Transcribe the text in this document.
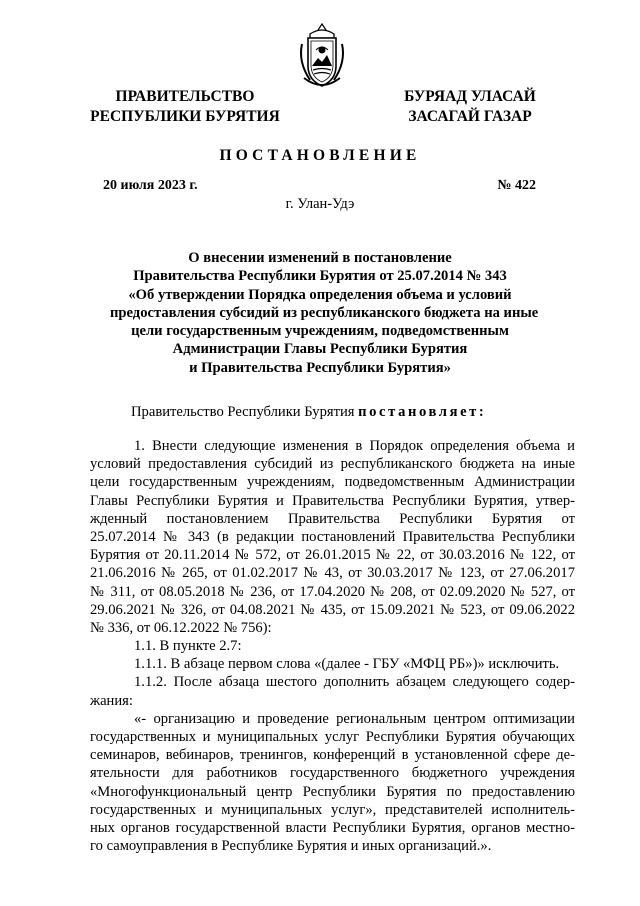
ПРАВИТЕЛЬСТВО
РЕСПУБЛИКИ БУРЯТИЯ
БУРЯАД УЛАСАЙ
ЗАСАГАЙ ГАЗАР
ПОСТАНОВЛЕНИЕ
20 июля 2023 г.	№ 422
г. Улан-Удэ
О внесении изменений в постановление
Правительства Республики Бурятия от 25.07.2014 № 343
«Об утверждении Порядка определения объема и условий
предоставления субсидий из республиканского бюджета на иные
цели государственным учреждениям, подведомственным
Администрации Главы Республики Бурятия
и Правительства Республики Бурятия»
Правительство Республики Бурятия постановляет:
1. Внести следующие изменения в Порядок определения объема и
условий предоставления субсидий из республиканского бюджета на иные
цели государственным учреждениям, подведомственным Администрации
Главы Республики Бурятия и Правительства Республики Бурятия, утвер-
жденный постановлением Правительства Республики Бурятия от
25.07.2014 № 343 (в редакции постановлений Правительства Республики
Бурятия от 20.11.2014 № 572, от 26.01.2015 № 22, от 30.03.2016 № 122, от
21.06.2016 № 265, от 01.02.2017 № 43, от 30.03.2017 № 123, от 27.06.2017
№ 311, от 08.05.2018 № 236, от 17.04.2020 № 208, от 02.09.2020 № 527, от
29.06.2021 № 326, от 04.08.2021 № 435, от 15.09.2021 № 523, от 09.06.2022
№ 336, от 06.12.2022 № 756):
1.1. В пункте 2.7:
1.1.1. В абзаце первом слова «(далее - ГБУ «МФЦ РБ»)» исключить.
1.1.2. После абзаца шестого дополнить абзацем следующего содер-
жания:
«- организацию и проведение региональным центром оптимизации
государственных и муниципальных услуг Республики Бурятия обучающих
семинаров, вебинаров, тренингов, конференций в установленной сфере де-
ятельности для работников государственного бюджетного учреждения
«Многофункциональный центр Республики Бурятия по предоставлению
государственных и муниципальных услуг», представителей исполнитель-
ных органов государственной власти Республики Бурятия, органов местно-
го самоуправления в Республике Бурятия и иных организаций.».
